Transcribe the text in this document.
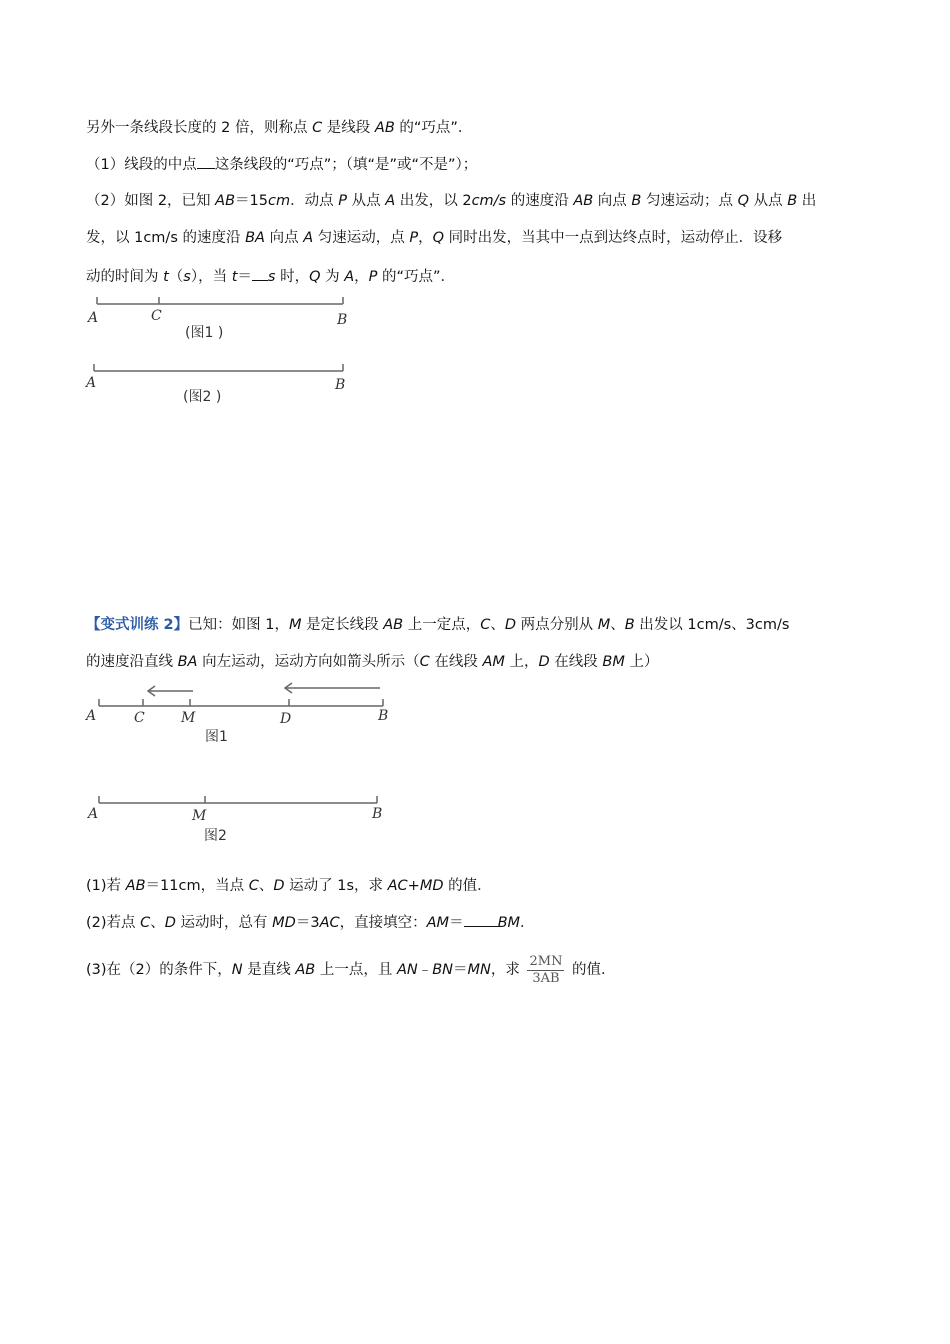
另外一条线段长度的 2 倍，则称点 C 是线段 AB 的“巧点”．
（1）线段的中点 这条线段的“巧点”；（填“是”或“不是”）；
（2）如图 2，已知 AB＝15cm．动点 P 从点 A 出发，以 2cm/s 的速度沿 AB 向点 B 匀速运动；点 Q 从点 B 出
发，以 1cm/s 的速度沿 BA 向点 A 匀速运动，点 P，Q 同时出发，当其中一点到达终点时，运动停止．设移
动的时间为 t（s），当 t＝ s 时，Q 为 A，P 的“巧点”．
A	C	B
(图1 )
A	B
(图2 )
A	C	M	D	B
图1
A	M	B
图2
【变式训练 2】已知：如图 1，M 是定长线段 AB 上一定点，C、D 两点分别从 M、B 出发以 1cm/s、3cm/s
的速度沿直线 BA 向左运动，运动方向如箭头所示（C 在线段 AM 上，D 在线段 BM 上）
(1)若 AB＝11cm，当点 C、D 运动了 1s，求 AC+MD 的值．
(2)若点 C、D 运动时，总有 MD＝3AC，直接填空：AM＝ BM．
(3)在（2）的条件下，N 是直线 AB 上一点，且 AN﹣BN＝MN，求 $\frac{2MN}{3AB}$ 的值．
